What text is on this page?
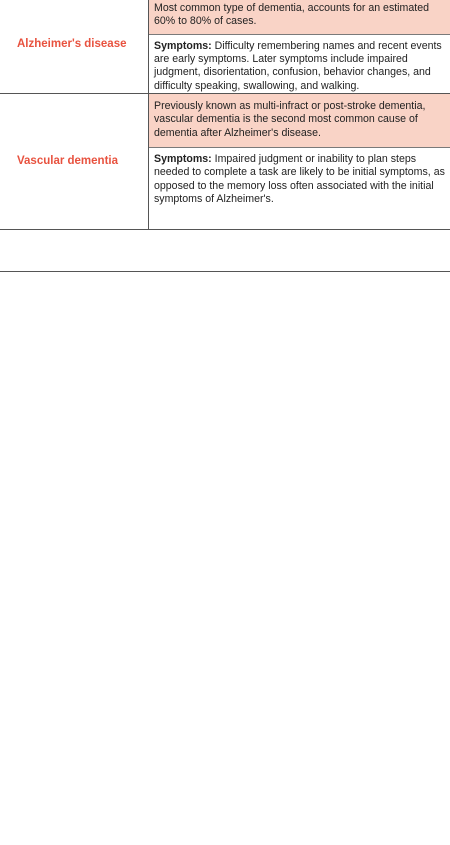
Alzheimer's disease
Most common type of dementia, accounts for an estimated 60% to 80% of cases.
Symptoms: Difficulty remembering names and recent events are early symptoms. Later symptoms include impaired judgment, disorientation, confusion, behavior changes, and difficulty speaking, swallowing, and walking.
Vascular dementia
Previously known as multi-infract or post-stroke dementia, vascular dementia is the second most common cause of dementia after Alzheimer's disease.
Symptoms: Impaired judgment or inability to plan steps needed to complete a task are likely to be initial symptoms, as opposed to the memory loss often associated with the initial symptoms of Alzheimer's.
